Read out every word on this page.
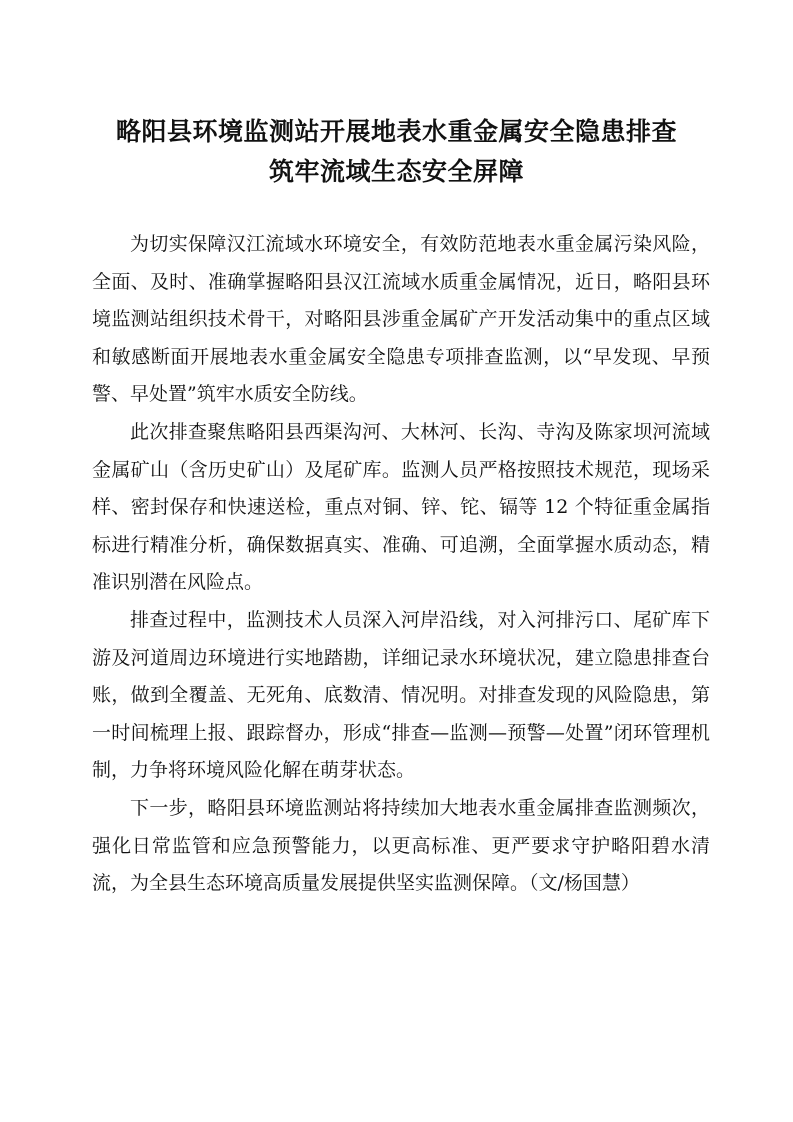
略阳县环境监测站开展地表水重金属安全隐患排查
筑牢流域生态安全屏障

为切实保障汉江流域水环境安全，有效防范地表水重金属污染风险，全面、及时、准确掌握略阳县汉江流域水质重金属情况，近日，略阳县环境监测站组织技术骨干，对略阳县涉重金属矿产开发活动集中的重点区域和敏感断面开展地表水重金属安全隐患专项排查监测，以“早发现、早预警、早处置”筑牢水质安全防线。

此次排查聚焦略阳县西渠沟河、大林河、长沟、寺沟及陈家坝河流域金属矿山（含历史矿山）及尾矿库。监测人员严格按照技术规范，现场采样、密封保存和快速送检，重点对铜、锌、铊、镉等 12 个特征重金属指标进行精准分析，确保数据真实、准确、可追溯，全面掌握水质动态，精准识别潜在风险点。

排查过程中，监测技术人员深入河岸沿线，对入河排污口、尾矿库下游及河道周边环境进行实地踏勘，详细记录水环境状况，建立隐患排查台账，做到全覆盖、无死角、底数清、情况明。对排查发现的风险隐患，第一时间梳理上报、跟踪督办，形成“排查—监测—预警—处置”闭环管理机制，力争将环境风险化解在萌芽状态。

下一步，略阳县环境监测站将持续加大地表水重金属排查监测频次，强化日常监管和应急预警能力，以更高标准、更严要求守护略阳碧水清流，为全县生态环境高质量发展提供坚实监测保障。（文/杨国慧）
